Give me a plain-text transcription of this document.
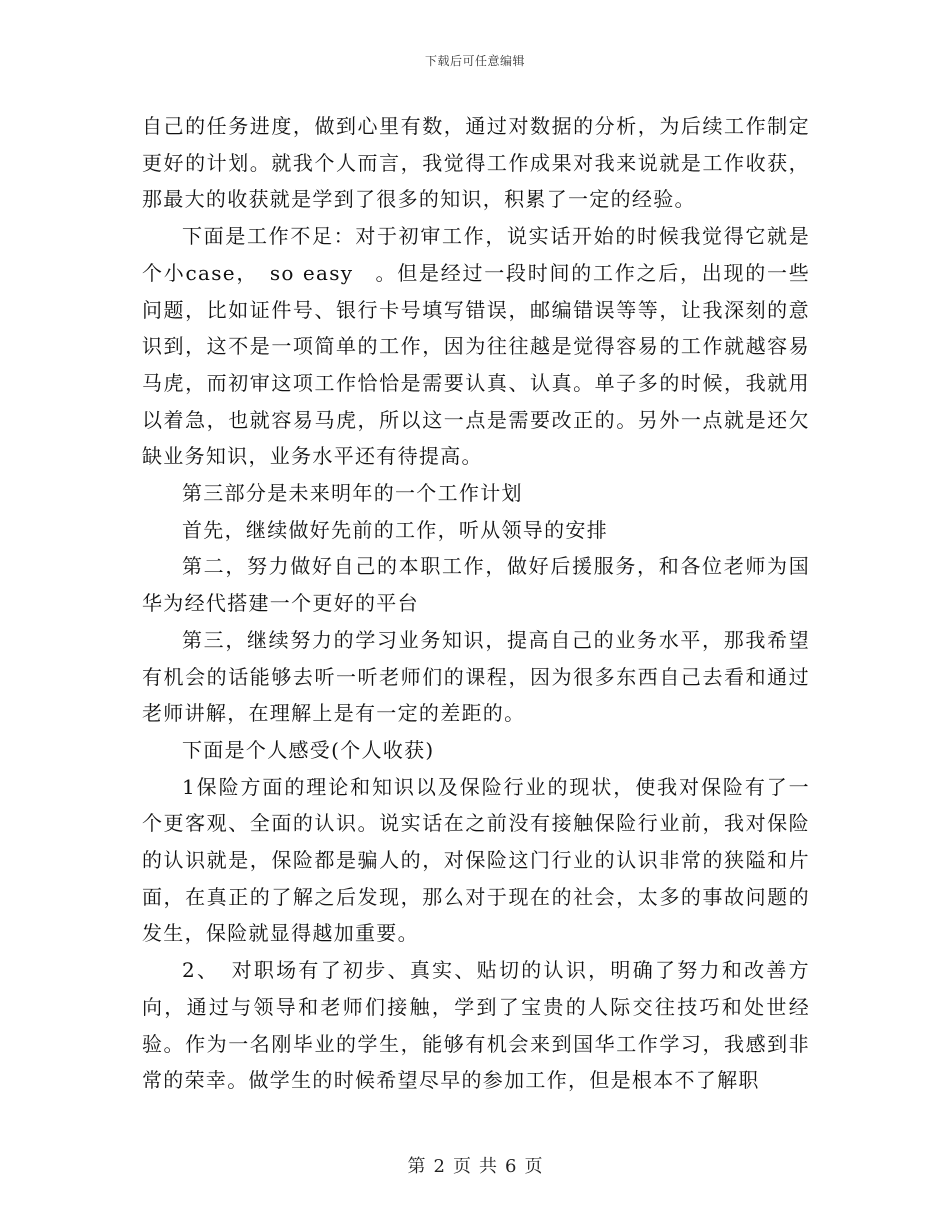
下载后可任意编辑

自己的任务进度，做到心里有数，通过对数据的分析，为后续工作制定更好的计划。就我个人而言，我觉得工作成果对我来说就是工作收获，那最大的收获就是学到了很多的知识，积累了一定的经验。

下面是工作不足：对于初审工作，说实话开始的时候我觉得它就是个小case，　so easy　。但是经过一段时间的工作之后，出现的一些问题，比如证件号、银行卡号填写错误，邮编错误等等，让我深刻的意识到，这不是一项简单的工作，因为往往越是觉得容易的工作就越容易马虎，而初审这项工作恰恰是需要认真、认真。单子多的时候，我就用以着急，也就容易马虎，所以这一点是需要改正的。另外一点就是还欠缺业务知识，业务水平还有待提高。

第三部分是未来明年的一个工作计划

首先，继续做好先前的工作，听从领导的安排

第二，努力做好自己的本职工作，做好后援服务，和各位老师为国华为经代搭建一个更好的平台

第三，继续努力的学习业务知识，提高自己的业务水平，那我希望有机会的话能够去听一听老师们的课程，因为很多东西自己去看和通过老师讲解，在理解上是有一定的差距的。

下面是个人感受(个人收获)

1保险方面的理论和知识以及保险行业的现状，使我对保险有了一个更客观、全面的认识。说实话在之前没有接触保险行业前，我对保险的认识就是，保险都是骗人的，对保险这门行业的认识非常的狭隘和片面，在真正的了解之后发现，那么对于现在的社会，太多的事故问题的发生，保险就显得越加重要。

2、　对职场有了初步、真实、贴切的认识，明确了努力和改善方向，通过与领导和老师们接触，学到了宝贵的人际交往技巧和处世经验。作为一名刚毕业的学生，能够有机会来到国华工作学习，我感到非常的荣幸。做学生的时候希望尽早的参加工作，但是根本不了解职

第 2 页 共 6 页
